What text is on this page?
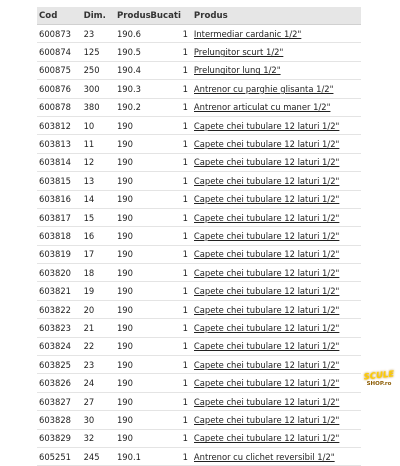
Cod	Dim.	Produs	Bucati	Produs
600873	23	190.6	1	Intermediar cardanic 1/2"
600874	125	190.5	1	Prelungitor scurt 1/2"
600875	250	190.4	1	Prelungitor lung 1/2"
600876	300	190.3	1	Antrenor cu parghie glisanta 1/2"
600878	380	190.2	1	Antrenor articulat cu maner 1/2"
603812	10	190	1	Capete chei tubulare 12 laturi 1/2"
603813	11	190	1	Capete chei tubulare 12 laturi 1/2"
603814	12	190	1	Capete chei tubulare 12 laturi 1/2"
603815	13	190	1	Capete chei tubulare 12 laturi 1/2"
603816	14	190	1	Capete chei tubulare 12 laturi 1/2"
603817	15	190	1	Capete chei tubulare 12 laturi 1/2"
603818	16	190	1	Capete chei tubulare 12 laturi 1/2"
603819	17	190	1	Capete chei tubulare 12 laturi 1/2"
603820	18	190	1	Capete chei tubulare 12 laturi 1/2"
603821	19	190	1	Capete chei tubulare 12 laturi 1/2"
603822	20	190	1	Capete chei tubulare 12 laturi 1/2"
603823	21	190	1	Capete chei tubulare 12 laturi 1/2"
603824	22	190	1	Capete chei tubulare 12 laturi 1/2"
603825	23	190	1	Capete chei tubulare 12 laturi 1/2"
603826	24	190	1	Capete chei tubulare 12 laturi 1/2"
603827	27	190	1	Capete chei tubulare 12 laturi 1/2"
603828	30	190	1	Capete chei tubulare 12 laturi 1/2"
603829	32	190	1	Capete chei tubulare 12 laturi 1/2"
605251	245	190.1	1	Antrenor cu clichet reversibil 1/2"
SCULE
SHOP.ro
